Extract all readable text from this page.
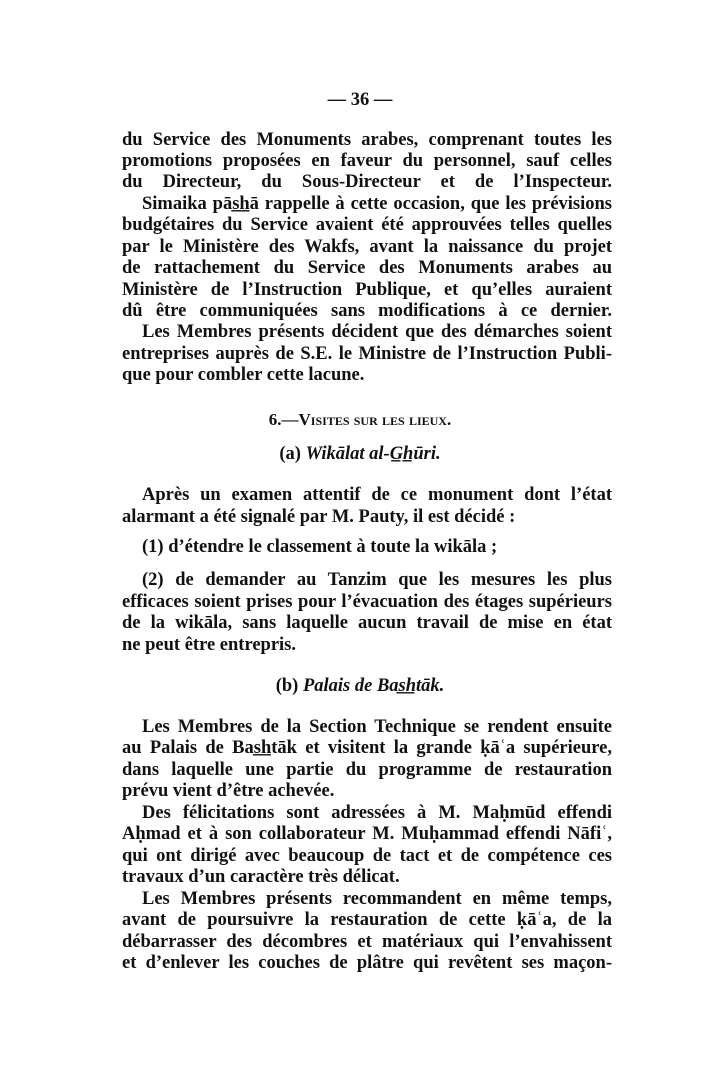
— 36 —
du Service des Monuments arabes, comprenant toutes les
promotions proposées en faveur du personnel, sauf celles
du Directeur, du Sous-Directeur et de l’Inspecteur.
Simaika pās̲h̲ā rappelle à cette occasion, que les prévisions
budgétaires du Service avaient été approuvées telles quelles
par le Ministère des Wakfs, avant la naissance du projet
de rattachement du Service des Monuments arabes au
Ministère de l’Instruction Publique, et qu’elles auraient
dû être communiquées sans modifications à ce dernier.
Les Membres présents décident que des démarches soient
entreprises auprès de S.E. le Ministre de l’Instruction Publi-
que pour combler cette lacune.
6.—Visites sur les lieux.
(a) Wikālat al-G̲h̲ūri.
Après un examen attentif de ce monument dont l’état
alarmant a été signalé par M. Pauty, il est décidé :
(1) d’étendre le classement à toute la wikāla ;
(2) de demander au Tanzim que les mesures les plus
efficaces soient prises pour l’évacuation des étages supérieurs
de la wikāla, sans laquelle aucun travail de mise en état
ne peut être entrepris.
(b) Palais de Bas̲h̲tāk.
Les Membres de la Section Technique se rendent ensuite
au Palais de Bas̲h̲tāk et visitent la grande ḳāʿa supérieure,
dans laquelle une partie du programme de restauration
prévu vient d’être achevée.
Des félicitations sont adressées à M. Maḥmūd effendi
Aḥmad et à son collaborateur M. Muḥammad effendi Nāfiʿ,
qui ont dirigé avec beaucoup de tact et de compétence ces
travaux d’un caractère très délicat.
Les Membres présents recommandent en même temps,
avant de poursuivre la restauration de cette ḳāʿa, de la
débarrasser des décombres et matériaux qui l’envahissent
et d’enlever les couches de plâtre qui revêtent ses maçon-
